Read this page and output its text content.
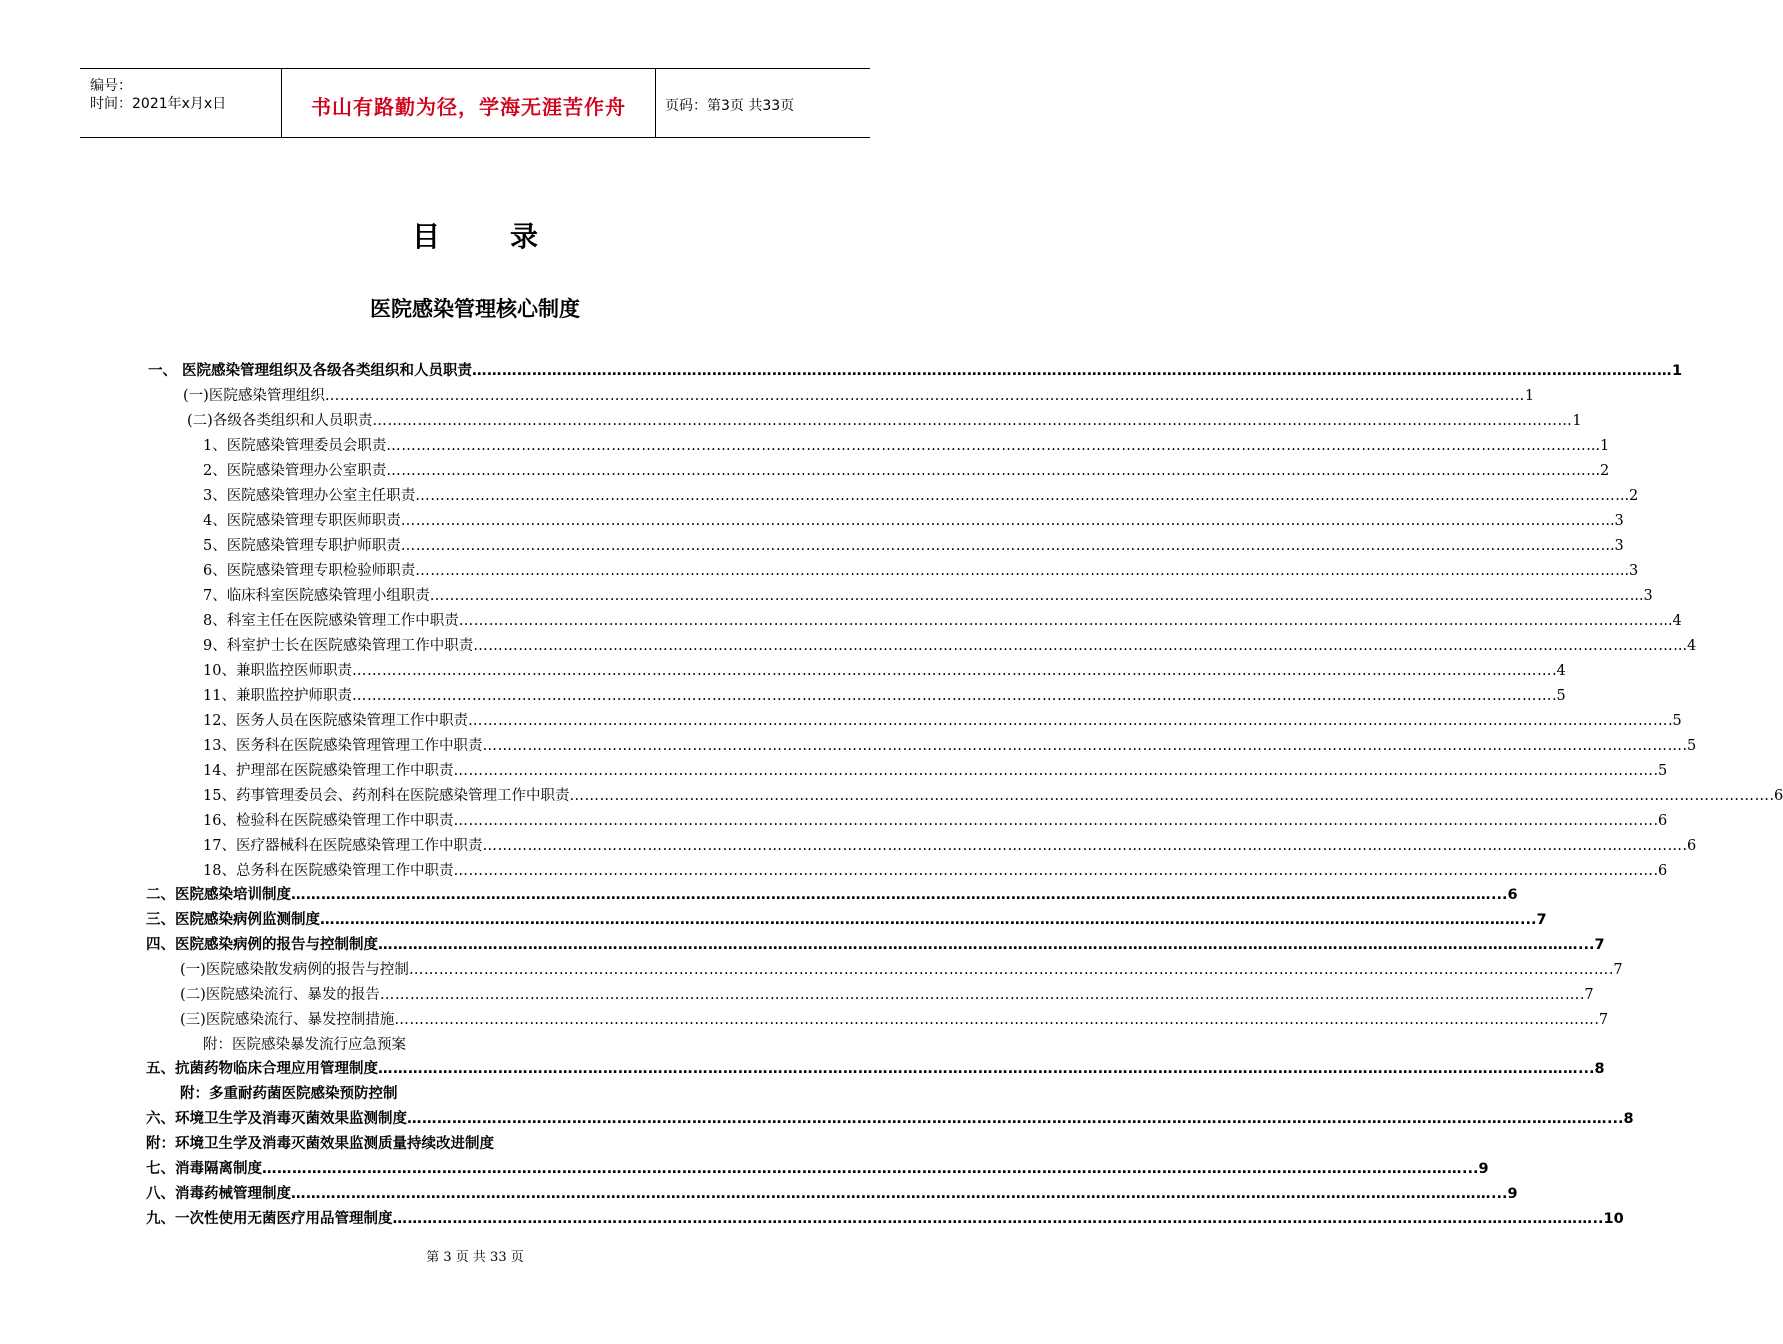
编号：
时间：2021年x月x日	书山有路勤为径，学海无涯苦作舟	页码：第3页 共33页
目	录
医院感染管理核心制度
一、 医院感染管理组织及各级各类组织和人员职责 …………………………………………………………………………………………………………………………………………………………………………………………………………………… 1
(一)医院感染管理组织 …………………………………………………………………………………………………………………………………………………………………………………………………………………… 1
(二)各级各类组织和人员职责 …………………………………………………………………………………………………………………………………………………………………………………………………………………… 1
1、医院感染管理委员会职责 …………………………………………………………………………………………………………………………………………………………………………………………………………………… ...1
2、医院感染管理办公室职责 …………………………………………………………………………………………………………………………………………………………………………………………………………………… ...2
3、医院感染管理办公室主任职责 …………………………………………………………………………………………………………………………………………………………………………………………………………………… ...2
4、医院感染管理专职医师职责 …………………………………………………………………………………………………………………………………………………………………………………………………………………… ...3
5、医院感染管理专职护师职责 …………………………………………………………………………………………………………………………………………………………………………………………………………………… ...3
6、医院感染管理专职检验师职责 …………………………………………………………………………………………………………………………………………………………………………………………………………………… ...3
7、临床科室医院感染管理小组职责 …………………………………………………………………………………………………………………………………………………………………………………………………………………… ...3
8、科室主任在医院感染管理工作中职责 …………………………………………………………………………………………………………………………………………………………………………………………………………………… ...4
9、科室护士长在医院感染管理工作中职责 …………………………………………………………………………………………………………………………………………………………………………………………………………………… ...4
10、兼职监控医师职责 …………………………………………………………………………………………………………………………………………………………………………………………………………………… .4
11、兼职监控护师职责 …………………………………………………………………………………………………………………………………………………………………………………………………………………… .5
12、医务人员在医院感染管理工作中职责 …………………………………………………………………………………………………………………………………………………………………………………………………………………… .5
13、医务科在医院感染管理管理工作中职责 …………………………………………………………………………………………………………………………………………………………………………………………………………………… .5
14、护理部在医院感染管理工作中职责 …………………………………………………………………………………………………………………………………………………………………………………………………………………… .5
15、药事管理委员会、药剂科在医院感染管理工作中职责 …………………………………………………………………………………………………………………………………………………………………………………………………………………… .6
16、检验科在医院感染管理工作中职责 …………………………………………………………………………………………………………………………………………………………………………………………………………………… .6
17、医疗器械科在医院感染管理工作中职责 …………………………………………………………………………………………………………………………………………………………………………………………………………………… .6
18、总务科在医院感染管理工作中职责 …………………………………………………………………………………………………………………………………………………………………………………………………………………… .6
二、医院感染培训制度 …………………………………………………………………………………………………………………………………………………………………………………………………………………… ...6
三、医院感染病例监测制度 …………………………………………………………………………………………………………………………………………………………………………………………………………………… ...7
四、医院感染病例的报告与控制制度 …………………………………………………………………………………………………………………………………………………………………………………………………………………… ...7
(一)医院感染散发病例的报告与控制 …………………………………………………………………………………………………………………………………………………………………………………………………………………… .7
(二)医院感染流行、暴发的报告 …………………………………………………………………………………………………………………………………………………………………………………………………………………… .7
(三)医院感染流行、暴发控制措施 …………………………………………………………………………………………………………………………………………………………………………………………………………………… .7
附：医院感染暴发流行应急预案
五、抗菌药物临床合理应用管理制度 …………………………………………………………………………………………………………………………………………………………………………………………………………………… ...8
附：多重耐药菌医院感染预防控制
六、环境卫生学及消毒灭菌效果监测制度 …………………………………………………………………………………………………………………………………………………………………………………………………………………… ...8
附：环境卫生学及消毒灭菌效果监测质量持续改进制度
七、消毒隔离制度 …………………………………………………………………………………………………………………………………………………………………………………………………………………… ...9
八、消毒药械管理制度 …………………………………………………………………………………………………………………………………………………………………………………………………………………… ...9
九、一次性使用无菌医疗用品管理制度 …………………………………………………………………………………………………………………………………………………………………………………………………………………… ..10
第 3 页 共 33 页
